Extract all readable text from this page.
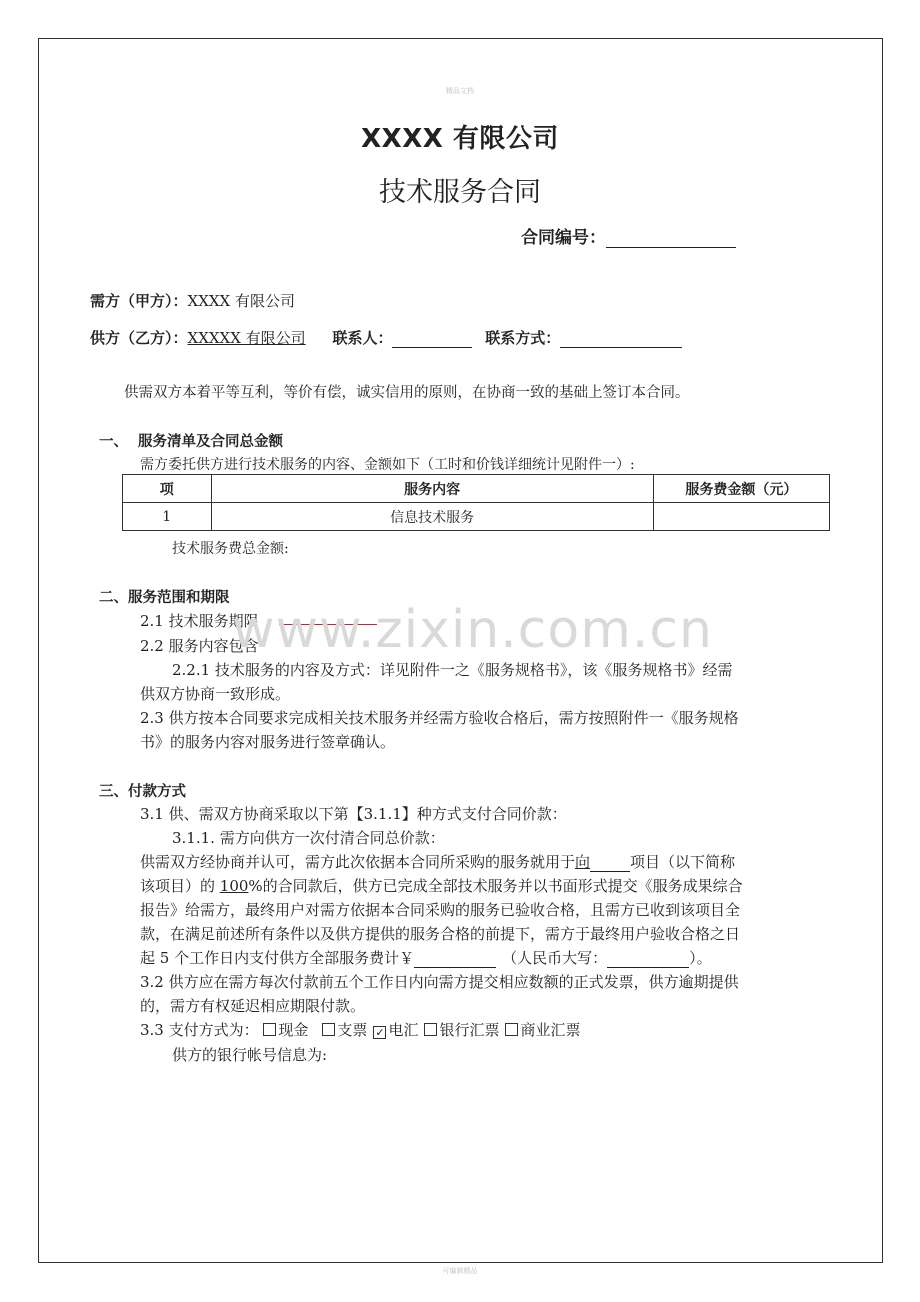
精品文档
XXXX 有限公司
技术服务合同
合同编号：
需方（甲方）：XXXX 有限公司
供方（乙方）：XXXXX 有限公司 联系人：	联系方式：
供需双方本着平等互利，等价有偿，诚实信用的原则，在协商一致的基础上签订本合同。
一、 服务清单及合同总金额
需方委托供方进行技术服务的内容、金额如下（工时和价钱详细统计见附件一）:
项	服务内容	服务费金额（元）
1	信息技术服务	
技术服务费总金额:
二、服务范围和期限
2.1 技术服务期限
2.2 服务内容包含
www.zixin.com.cn
2.2.1 技术服务的内容及方式：详见附件一之《服务规格书》，该《服务规格书》经需
供双方协商一致形成。
2.3 供方按本合同要求完成相关技术服务并经需方验收合格后，需方按照附件一《服务规格
书》的服务内容对服务进行签章确认。
三、付款方式
3.1 供、需双方协商采取以下第【3.1.1】种方式支付合同价款：
3.1.1. 需方向供方一次付清合同总价款：
供需双方经协商并认可，需方此次依据本合同所采购的服务就用于向	项目（以下简称
该项目）的 100%的合同款后，供方已完成全部技术服务并以书面形式提交《服务成果综合
报告》给需方，最终用户对需方依据本合同采购的服务已验收合格，且需方已收到该项目全
款，在满足前述所有条件以及供方提供的服务合格的前提下，需方于最终用户验收合格之日
起 5 个工作日内支付供方全部服务费计￥	（人民币大写：	）。
3.2 供方应在需方每次付款前五个工作日内向需方提交相应数额的正式发票，供方逾期提供
的，需方有权延迟相应期限付款。
3.3 支付方式为： 现金 支票 ✓ 电汇 银行汇票 商业汇票
供方的银行帐号信息为:
可编辑精品
